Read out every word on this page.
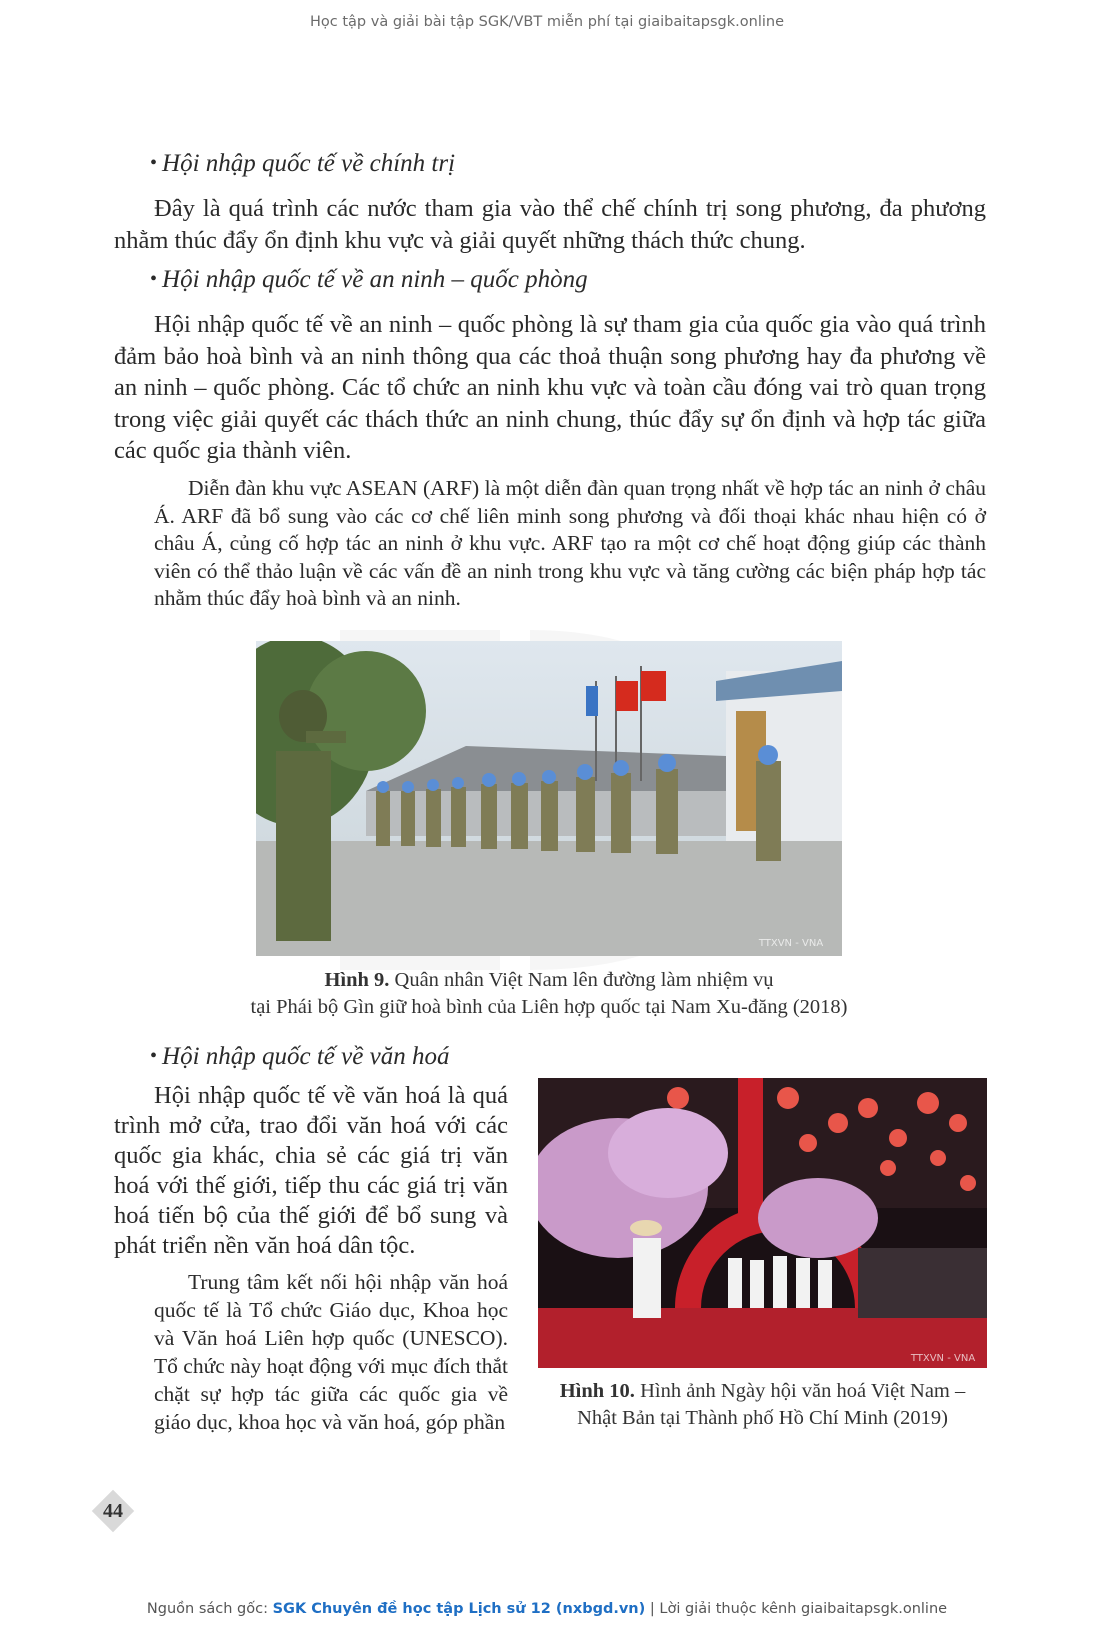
Học tập và giải bài tập SGK/VBT miễn phí tại giaibaitapsgk.online
• Hội nhập quốc tế về chính trị

Đây là quá trình các nước tham gia vào thể chế chính trị song phương, đa phương nhằm thúc đẩy ổn định khu vực và giải quyết những thách thức chung.

• Hội nhập quốc tế về an ninh – quốc phòng

Hội nhập quốc tế về an ninh – quốc phòng là sự tham gia của quốc gia vào quá trình đảm bảo hoà bình và an ninh thông qua các thoả thuận song phương hay đa phương về an ninh – quốc phòng. Các tổ chức an ninh khu vực và toàn cầu đóng vai trò quan trọng trong việc giải quyết các thách thức an ninh chung, thúc đẩy sự ổn định và hợp tác giữa các quốc gia thành viên.

Diễn đàn khu vực ASEAN (ARF) là một diễn đàn quan trọng nhất về hợp tác an ninh ở châu Á. ARF đã bổ sung vào các cơ chế liên minh song phương và đối thoại khác nhau hiện có ở châu Á, củng cố hợp tác an ninh ở khu vực. ARF tạo ra một cơ chế hoạt động giúp các thành viên có thể thảo luận về các vấn đề an ninh trong khu vực và tăng cường các biện pháp hợp tác nhằm thúc đẩy hoà bình và an ninh.

TTXVN - VNA
Hình 9. Quân nhân Việt Nam lên đường làm nhiệm vụ
tại Phái bộ Gìn giữ hoà bình của Liên hợp quốc tại Nam Xu-đăng (2018)
• Hội nhập quốc tế về văn hoá

Hội nhập quốc tế về văn hoá là quá trình mở cửa, trao đổi văn hoá với các quốc gia khác, chia sẻ các giá trị văn hoá với thế giới, tiếp thu các giá trị văn hoá tiến bộ của thế giới để bổ sung và phát triển nền văn hoá dân tộc.

Trung tâm kết nối hội nhập văn hoá quốc tế là Tổ chức Giáo dục, Khoa học và Văn hoá Liên hợp quốc (UNESCO). Tổ chức này hoạt động với mục đích thắt chặt sự hợp tác giữa các quốc gia về giáo dục, khoa học và văn hoá, góp phần

TTXVN - VNA
Hình 10. Hình ảnh Ngày hội văn hoá Việt Nam –
Nhật Bản tại Thành phố Hồ Chí Minh (2019)
44
Nguồn sách gốc: SGK Chuyên đề học tập Lịch sử 12 (nxbgd.vn) | Lời giải thuộc kênh giaibaitapsgk.online
